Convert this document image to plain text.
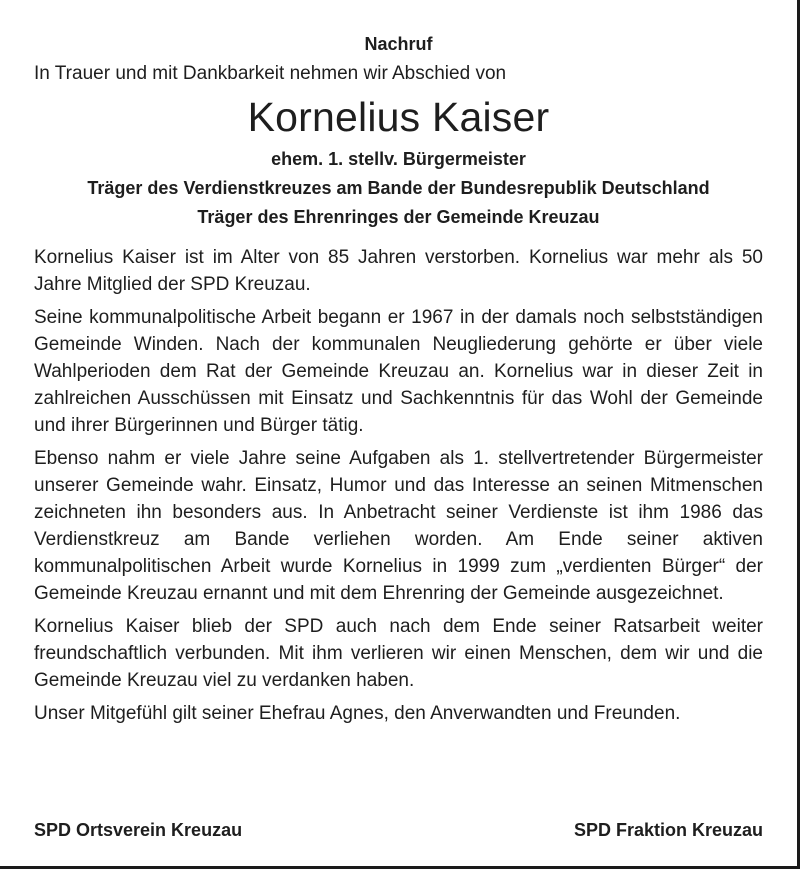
Nachruf

In Trauer und mit Dankbarkeit nehmen wir Abschied von

Kornelius Kaiser

ehem. 1. stellv. Bürgermeister
Träger des Verdienstkreuzes am Bande der Bundesrepublik Deutschland
Träger des Ehrenringes der Gemeinde Kreuzau

Kornelius Kaiser ist im Alter von 85 Jahren verstorben. Kornelius war mehr als 50 Jahre Mitglied der SPD Kreuzau.

Seine kommunalpolitische Arbeit begann er 1967 in der damals noch selbstständigen Gemeinde Winden. Nach der kommunalen Neugliederung gehörte er über viele Wahlperioden dem Rat der Gemeinde Kreuzau an. Kornelius war in dieser Zeit in zahlreichen Ausschüssen mit Einsatz und Sachkenntnis für das Wohl der Gemeinde und ihrer Bürgerinnen und Bürger tätig.

Ebenso nahm er viele Jahre seine Aufgaben als 1. stellvertretender Bürgermeister unserer Gemeinde wahr. Einsatz, Humor und das Interesse an seinen Mitmenschen zeichneten ihn besonders aus. In Anbetracht seiner Verdienste ist ihm 1986 das Verdienstkreuz am Bande verliehen worden. Am Ende seiner aktiven kommunalpolitischen Arbeit wurde Kornelius in 1999 zum „verdienten Bürger“ der Gemeinde Kreuzau ernannt und mit dem Ehrenring der Gemeinde ausgezeichnet.

Kornelius Kaiser blieb der SPD auch nach dem Ende seiner Ratsarbeit weiter freundschaftlich verbunden. Mit ihm verlieren wir einen Menschen, dem wir und die Gemeinde Kreuzau viel zu verdanken haben.

Unser Mitgefühl gilt seiner Ehefrau Agnes, den Anverwandten und Freunden.

SPD Ortsverein Kreuzau	SPD Fraktion Kreuzau
